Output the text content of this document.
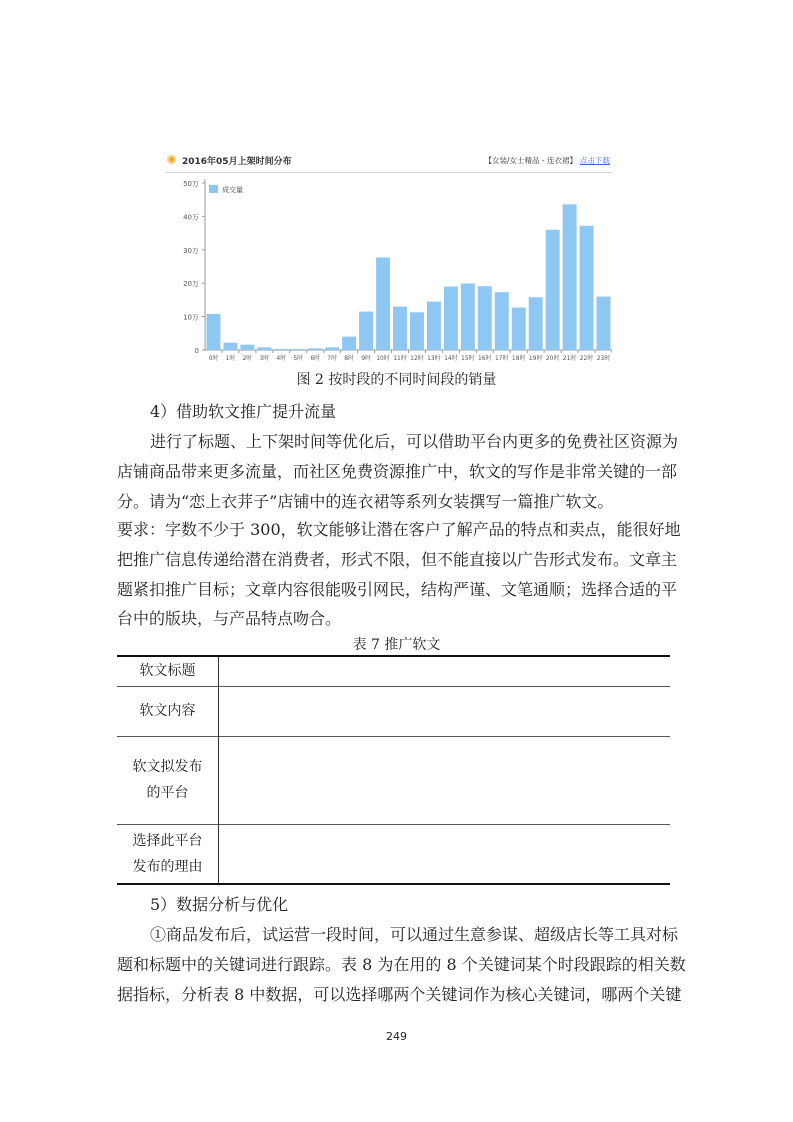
2016年05月上架时间分布	【女装/女士精品 - 连衣裙】 点击下载
0
10万
20万
30万
40万
50万
0时 1时 2时 3时 4时 5时 6时 7时 8时 9时 10时 11时 12时 13时 14时 15时 16时 17时 18时 19时 20时 21时 22时 23时
成交量
图 2 按时段的不同时间段的销量
4）借助软文推广提升流量
进行了标题、上下架时间等优化后，可以借助平台内更多的免费社区资源为
店铺商品带来更多流量，而社区免费资源推广中，软文的写作是非常关键的一部
分。请为“恋上衣茾子”店铺中的连衣裙等系列女装撰写一篇推广软文。
要求：字数不少于 300，软文能够让潜在客户了解产品的特点和卖点，能很好地
把推广信息传递给潜在消费者，形式不限，但不能直接以广告形式发布。文章主
题紧扣推广目标；文章内容很能吸引网民，结构严谨、文笔通顺；选择合适的平
台中的版块，与产品特点吻合。
表 7 推广软文
软文标题	
软文内容	
软文拟发布
的平台	
选择此平台
发布的理由	
5）数据分析与优化
①商品发布后，试运营一段时间，可以通过生意参谋、超级店长等工具对标
题和标题中的关键词进行跟踪。表 8 为在用的 8 个关键词某个时段跟踪的相关数
据指标，分析表 8 中数据，可以选择哪两个关键词作为核心关键词，哪两个关键
249
